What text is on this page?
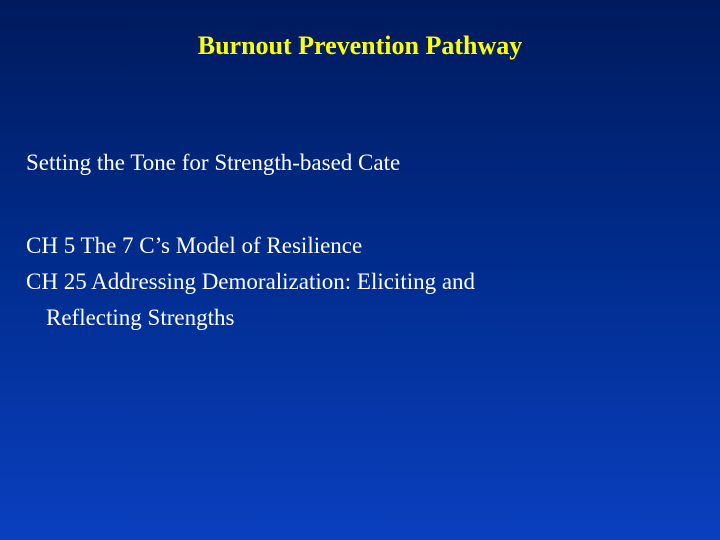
Burnout Prevention Pathway
Setting the Tone for Strength-based Cate
CH 5 The 7 C’s Model of Resilience
CH 25 Addressing Demoralization: Eliciting and
Reflecting Strengths
